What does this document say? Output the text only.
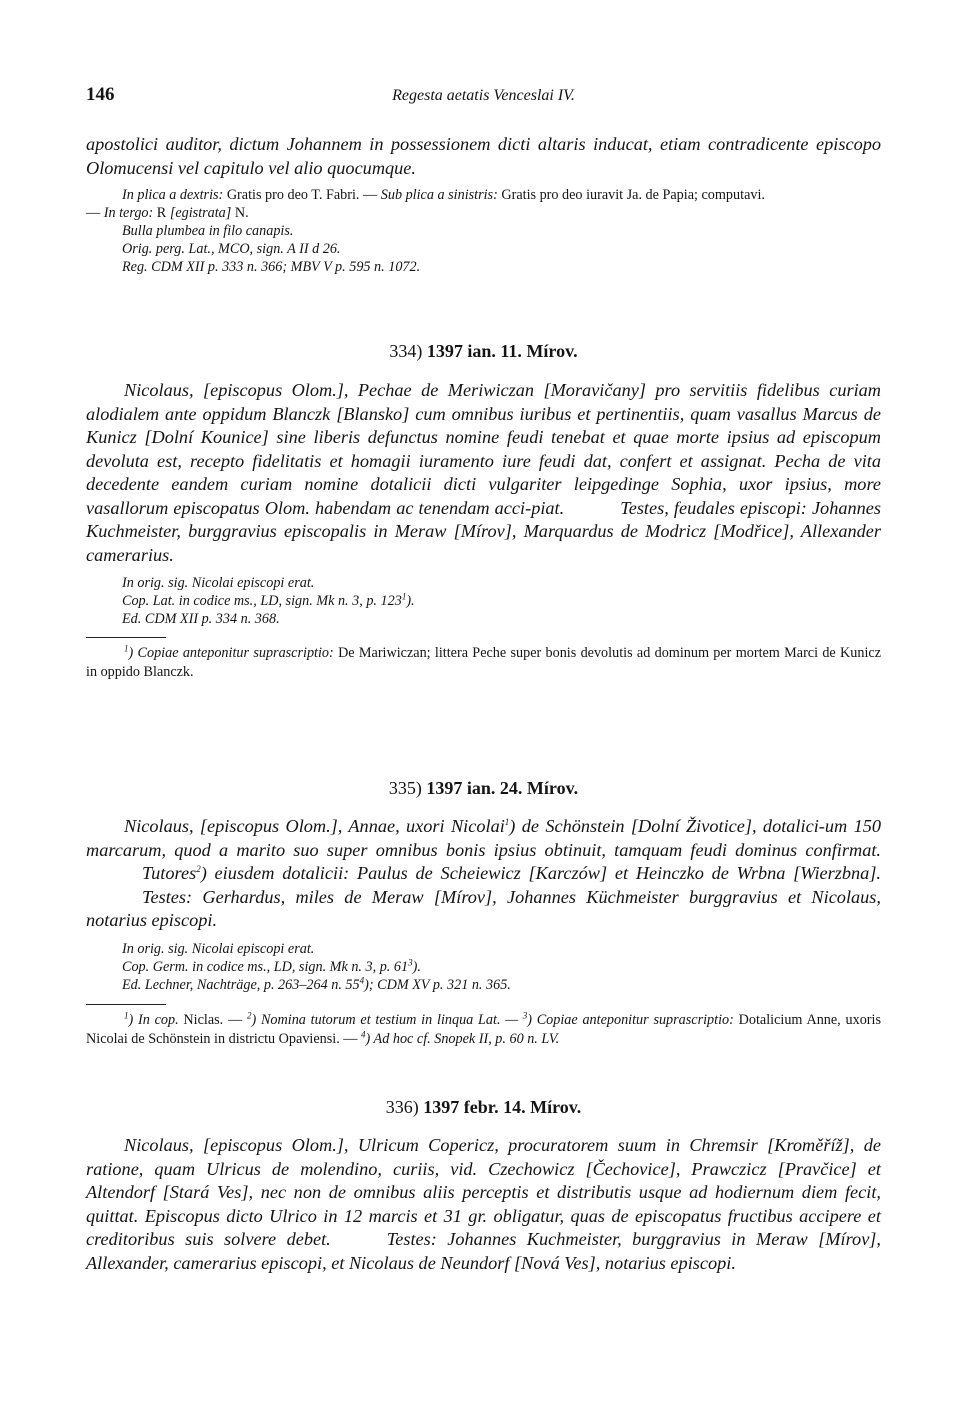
146	Regesta aetatis Venceslai IV.

apostolici auditor, dictum Johannem in possessionem dicti altaris inducat, etiam contradicente episcopo Olomucensi vel capitulo vel alio quocumque.

In plica a dextris: Gratis pro deo T. Fabri. — Sub plica a sinistris: Gratis pro deo iuravit Ja. de Papia; computavi.
— In tergo: R [egistrata] N.

Bulla plumbea in filo canapis.

Orig. perg. Lat., MCO, sign. A II d 26.

Reg. CDM XII p. 333 n. 366; MBV V p. 595 n. 1072.

334) 1397 ian. 11. Mírov.

Nicolaus, [episcopus Olom.], Pechae de Meriwiczan [Moravičany] pro servitiis fidelibus curiam alodialem ante oppidum Blanczk [Blansko] cum omnibus iuribus et pertinentiis, quam vasallus Marcus de Kunicz [Dolní Kounice] sine liberis defunctus nomine feudi tenebat et quae morte ipsius ad episcopum devoluta est, recepto fidelitatis et homagii iuramento iure feudi dat, confert et assignat. Pecha de vita decedente eandem curiam nomine dotalicii dicti vulgariter leipgedinge Sophia, uxor ipsius, more vasallorum episcopatus Olom. habendam ac tenendam acci-piat.	Testes, feudales episcopi: Johannes Kuchmeister, burggravius episcopalis in Meraw [Mírov], Marquardus de Modricz [Modřice], Allexander camerarius.

In orig. sig. Nicolai episcopi erat.

Cop. Lat. in codice ms., LD, sign. Mk n. 3, p. $123^1$).

Ed. CDM XII p. 334 n. 368.

$^1$) Copiae anteponitur suprascriptio: De Mariwiczan; littera Peche super bonis devolutis ad dominum per mortem Marci de Kunicz in oppido Blanczk.

335) 1397 ian. 24. Mírov.

Nicolaus, [episcopus Olom.], Annae, uxori Nicolai$^1$) de Schönstein [Dolní Životice], dotalici-um 150 marcarum, quod a marito suo super omnibus bonis ipsius obtinuit, tamquam feudi dominus confirmat.Tutores$^2$) eiusdem dotalicii: Paulus de Scheiewicz [Karczów] et Heinczko de Wrbna [Wierzbna].Testes: Gerhardus, miles de Meraw [Mírov], Johannes Küchmeister burggravius et Nicolaus, notarius episcopi.

In orig. sig. Nicolai episcopi erat.

Cop. Germ. in codice ms., LD, sign. Mk n. 3, p. $61^3$).

Ed. Lechner, Nachträge, p. 263–264 n. $55^4$); CDM XV p. 321 n. 365.

$^1$) In cop. Niclas. — $^2$) Nomina tutorum et testium in linqua Lat. — $^3$) Copiae anteponitur suprascriptio: Dotalicium Anne, uxoris Nicolai de Schönstein in districtu Opaviensi. — $^4$) Ad hoc cf. Snopek II, p. 60 n. LV.

336) 1397 febr. 14. Mírov.

Nicolaus, [episcopus Olom.], Ulricum Copericz, procuratorem suum in Chremsir [Kroměříž], de ratione, quam Ulricus de molendino, curiis, vid. Czechowicz [Čechovice], Prawczicz [Pravčice] et Altendorf [Stará Ves], nec non de omnibus aliis perceptis et distributis usque ad hodiernum diem fecit, quittat. Episcopus dicto Ulrico in 12 marcis et 31 gr. obligatur, quas de episcopatus fructibus accipere et creditoribus suis solvere debet.	Testes: Johannes Kuchmeister, burggravius in Meraw [Mírov], Allexander, camerarius episcopi, et Nicolaus de Neundorf [Nová Ves], notarius episcopi.
